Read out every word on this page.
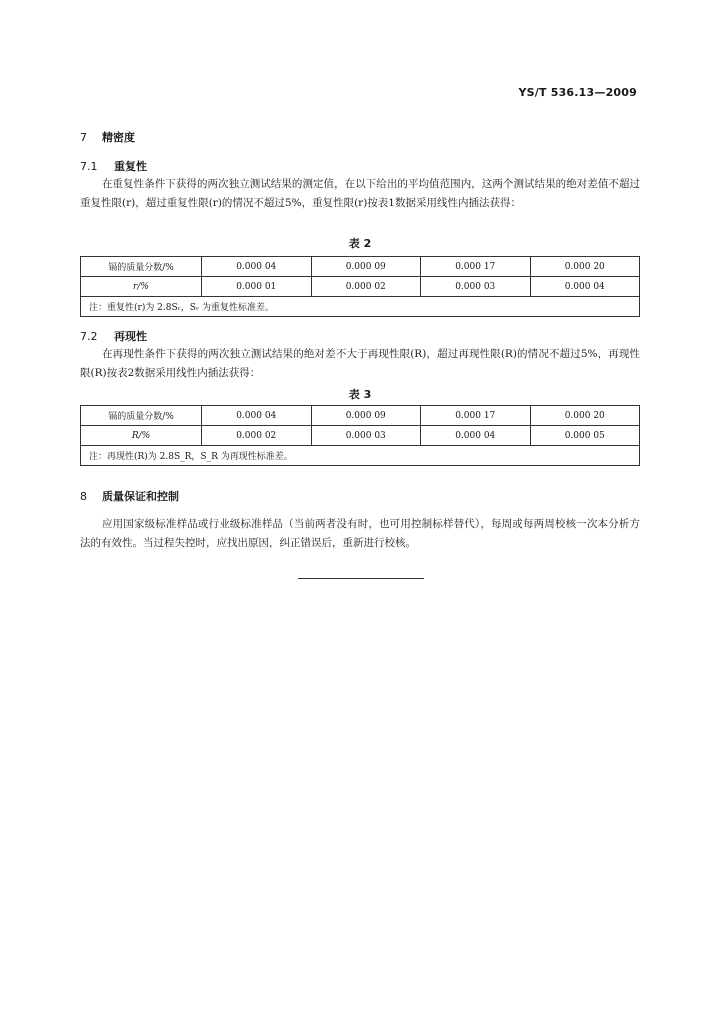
YS/T 536.13—2009
7 精密度
7.1 重复性

在重复性条件下获得的两次独立测试结果的测定值，在以下给出的平均值范围内，这两个测试结果的绝对差值不超过重复性限(r)，超过重复性限(r)的情况不超过5%，重复性限(r)按表1数据采用线性内插法获得：

表 2
镉的质量分数/%	0.000 04	0.000 09	0.000 17	0.000 20
r/%	0.000 01	0.000 02	0.000 03	0.000 04
注：重复性(r)为 2.8Sᵣ，Sᵣ 为重复性标准差。				
7.2 再现性

在再现性条件下获得的两次独立测试结果的绝对差不大于再现性限(R)，超过再现性限(R)的情况不超过5%，再现性限(R)按表2数据采用线性内插法获得：

表 3
镉的质量分数/%	0.000 04	0.000 09	0.000 17	0.000 20
R/%	0.000 02	0.000 03	0.000 04	0.000 05
注：再现性(R)为 2.8S_R，S_R 为再现性标准差。				
8 质量保证和控制

应用国家级标准样品或行业级标准样品（当前两者没有时，也可用控制标样替代），每周或每两周校核一次本分析方法的有效性。当过程失控时，应找出原因，纠正错误后，重新进行校核。
